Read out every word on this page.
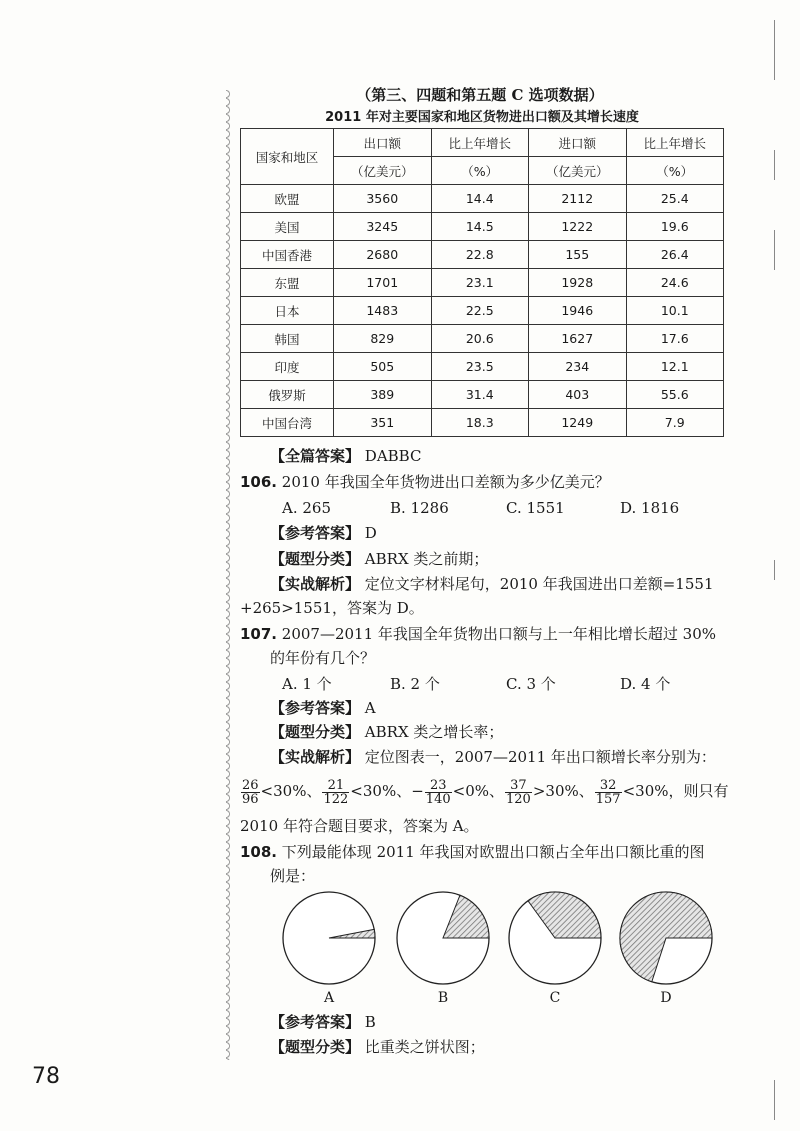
（第三、四题和第五题 C 选项数据）
2011 年对主要国家和地区货物进出口额及其增长速度
国家和地区	出口额	比上年增长	进口额	比上年增长
	（亿美元）	（%）	（亿美元）	（%）
欧盟	3560	14.4	2112	25.4
美国	3245	14.5	1222	19.6
中国香港	2680	22.8	155	26.4
东盟	1701	23.1	1928	24.6
日本	1483	22.5	1946	10.1
韩国	829	20.6	1627	17.6
印度	505	23.5	234	12.1
俄罗斯	389	31.4	403	55.6
中国台湾	351	18.3	1249	7.9
【全篇答案】 DABBC
106. 2010 年我国全年货物进出口差额为多少亿美元？
A. 265	B. 1286	C. 1551	D. 1816
【参考答案】 D
【题型分类】 ABRX 类之前期；
【实战解析】 定位文字材料尾句，2010 年我国进出口差额=1551
+265>1551，答案为 D。
107. 2007—2011 年我国全年货物出口额与上一年相比增长超过 30%
的年份有几个？
A. 1 个	B. 2 个	C. 3 个	D. 4 个
【参考答案】 A
【题型分类】 ABRX 类之增长率；
【实战解析】 定位图表一，2007—2011 年出口额增长率分别为：
$\frac{26}{96} <30\%$、 $\frac{21}{122} <30\%$、− $\frac{23}{140} <0\%$、 $\frac{37}{120} >30\%$、 $\frac{32}{157} <30\%$，则只有
2010 年符合题目要求，答案为 A。
108. 下列最能体现 2011 年我国对欧盟出口额占全年出口额比重的图
例是：
A	B	C	D
【参考答案】 B
【题型分类】 比重类之饼状图；
78
